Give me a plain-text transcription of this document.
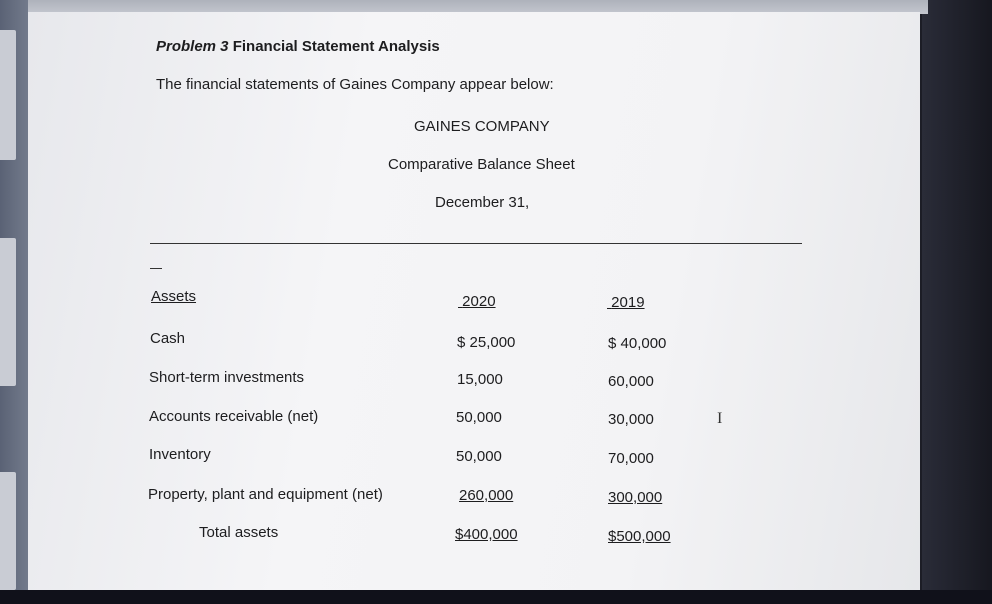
Problem 3 Financial Statement Analysis
The financial statements of Gaines Company appear below:
GAINES COMPANY
Comparative Balance Sheet
December 31,
Assets	2020	2019
Cash	$ 25,000	$ 40,000
Short-term investments	15,000	60,000
Accounts receivable (net)	50,000	30,000
Inventory	50,000	70,000
Property, plant and equipment (net)	260,000	300,000
Total assets	$400,000	$500,000
I
